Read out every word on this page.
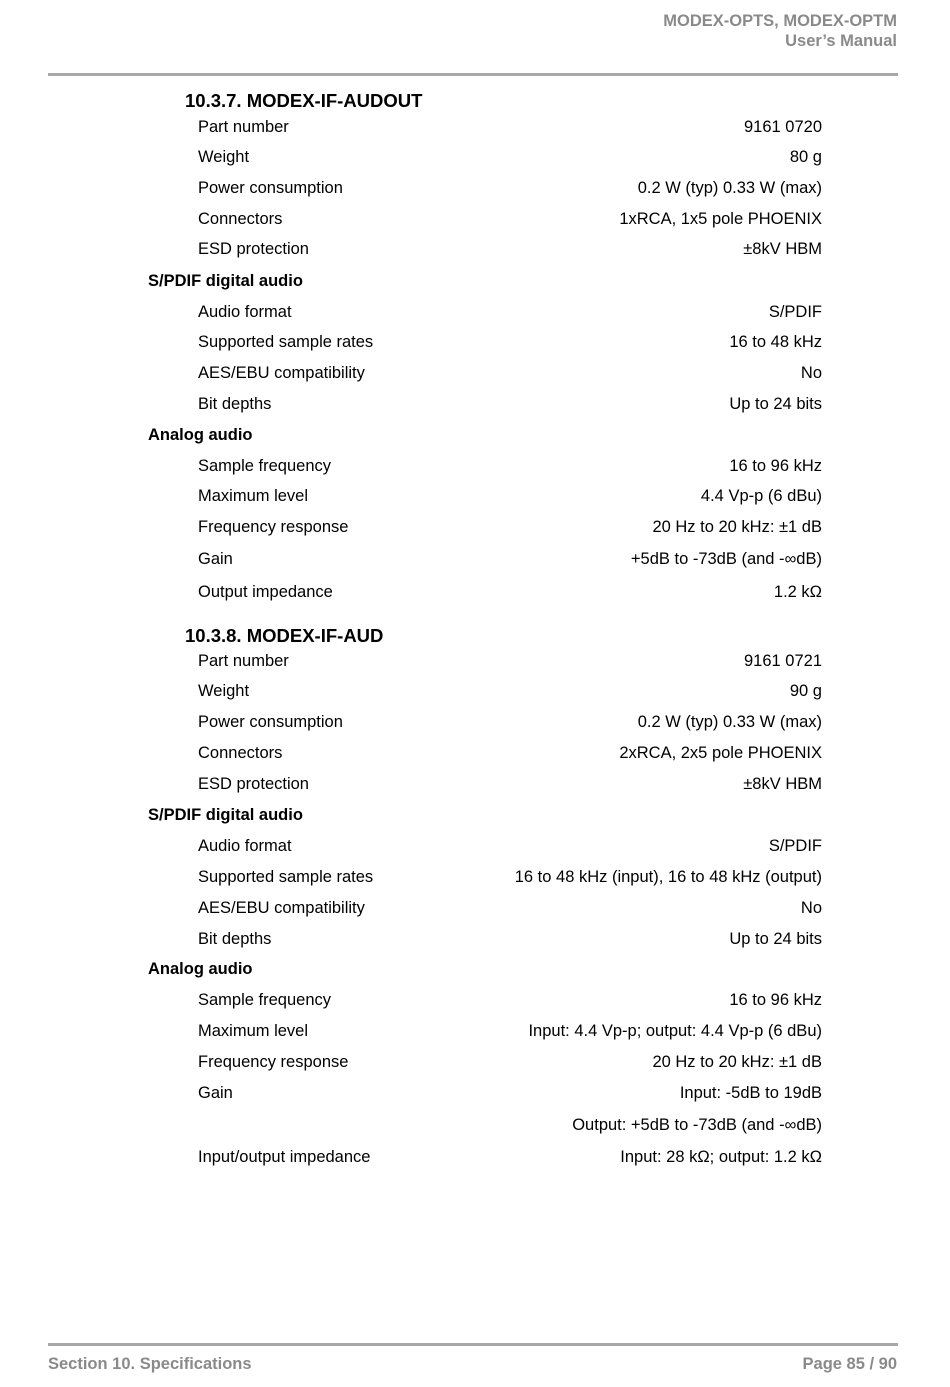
MODEX-OPTS, MODEX-OPTM
User’s Manual
10.3.7. MODEX-IF-AUDOUT
Part number	9161 0720
Weight	80 g
Power consumption	0.2 W (typ) 0.33 W (max)
Connectors	1xRCA, 1x5 pole PHOENIX
ESD protection	±8kV HBM
S/PDIF digital audio
Audio format	S/PDIF
Supported sample rates	16 to 48 kHz
AES/EBU compatibility	No
Bit depths	Up to 24 bits
Analog audio
Sample frequency	16 to 96 kHz
Maximum level	4.4 Vp-p (6 dBu)
Frequency response	20 Hz to 20 kHz: ±1 dB
Gain	+5dB to -73dB (and -∞dB)
Output impedance	1.2 kΩ
10.3.8. MODEX-IF-AUD
Part number	9161 0721
Weight	90 g
Power consumption	0.2 W (typ) 0.33 W (max)
Connectors	2xRCA, 2x5 pole PHOENIX
ESD protection	±8kV HBM
S/PDIF digital audio
Audio format	S/PDIF
Supported sample rates	16 to 48 kHz (input), 16 to 48 kHz (output)
AES/EBU compatibility	No
Bit depths	Up to 24 bits
Analog audio
Sample frequency	16 to 96 kHz
Maximum level	Input: 4.4 Vp-p; output: 4.4 Vp-p (6 dBu)
Frequency response	20 Hz to 20 kHz: ±1 dB
Gain	Input: -5dB to 19dB
Output: +5dB to -73dB (and -∞dB)
Input/output impedance	Input: 28 kΩ; output: 1.2 kΩ
Section 10. Specifications	Page 85 / 90
